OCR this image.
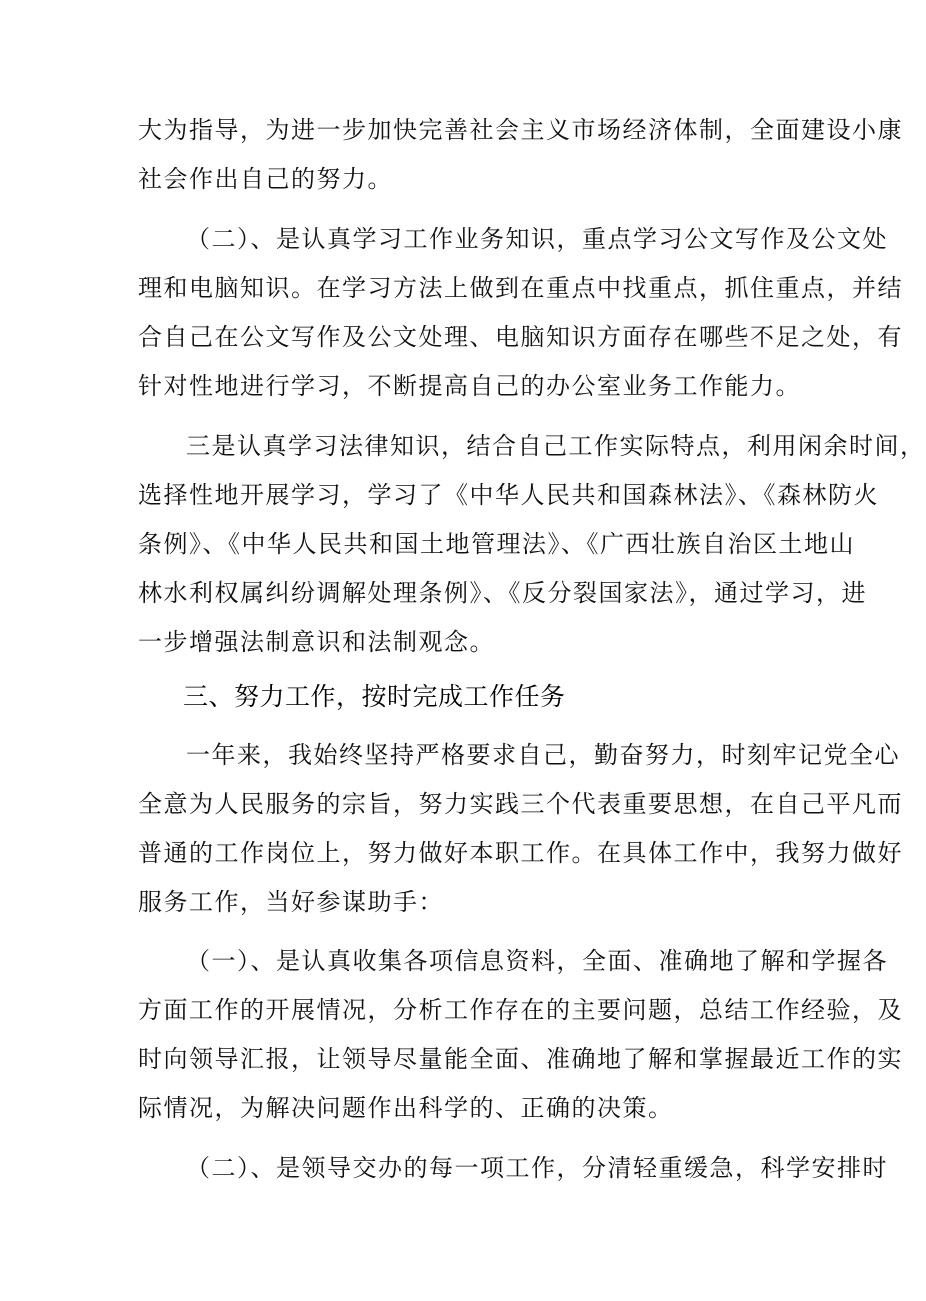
大为指导，为进一步加快完善社会主义市场经济体制，全面建设小康
社会作出自己的努力。
（二）、是认真学习工作业务知识，重点学习公文写作及公文处
理和电脑知识。在学习方法上做到在重点中找重点，抓住重点，并结
合自己在公文写作及公文处理、电脑知识方面存在哪些不足之处，有
针对性地进行学习，不断提高自己的办公室业务工作能力。
三是认真学习法律知识，结合自己工作实际特点，利用闲余时间，
选择性地开展学习，学习了《中华人民共和国森林法》、《森林防火
条例》、《中华人民共和国土地管理法》、《广西壮族自治区土地山
林水利权属纠纷调解处理条例》、《反分裂国家法》，通过学习，进
一步增强法制意识和法制观念。
三、努力工作，按时完成工作任务
一年来，我始终坚持严格要求自己，勤奋努力，时刻牢记党全心
全意为人民服务的宗旨，努力实践三个代表重要思想，在自己平凡而
普通的工作岗位上，努力做好本职工作。在具体工作中，我努力做好
服务工作，当好参谋助手：
（一）、是认真收集各项信息资料，全面、准确地了解和学握各
方面工作的开展情况，分析工作存在的主要问题，总结工作经验，及
时向领导汇报，让领导尽量能全面、准确地了解和掌握最近工作的实
际情况，为解决问题作出科学的、正确的决策。
（二）、是领导交办的每一项工作，分清轻重缓急，科学安排时
